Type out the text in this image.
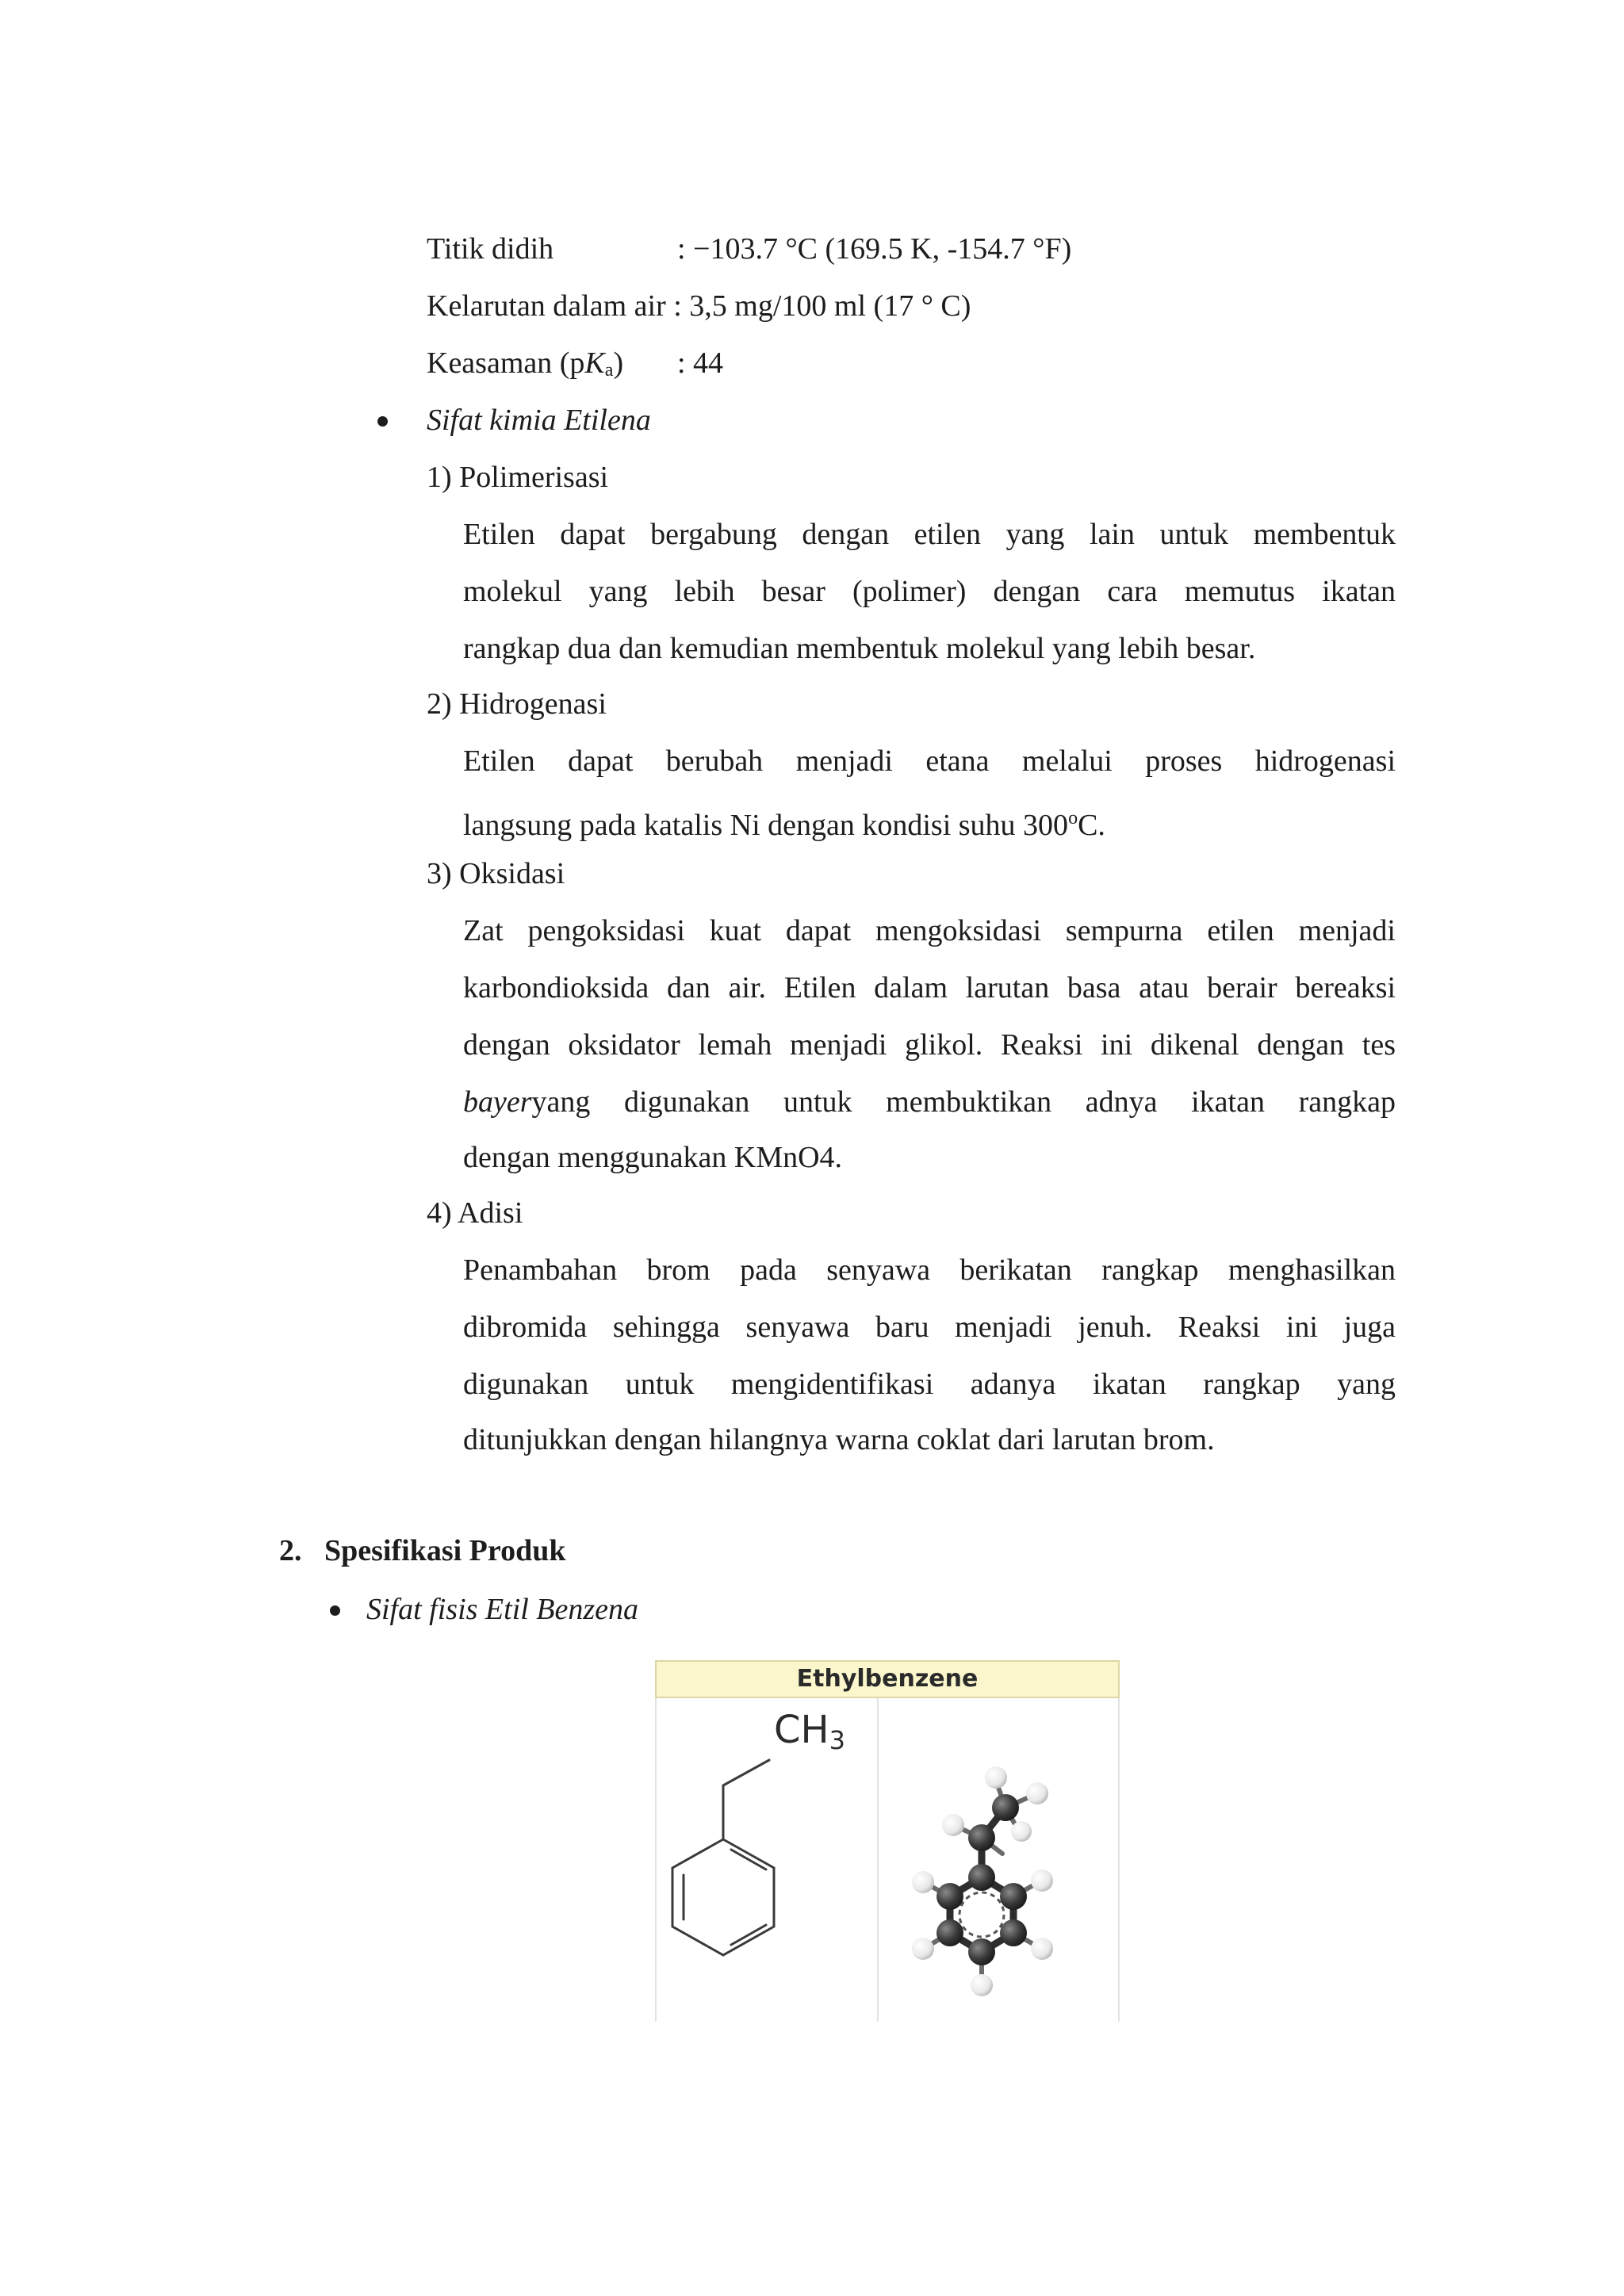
Titik didih	: −103.7 °C (169.5 K, -154.7 °F)
Kelarutan dalam air : 3,5 mg/100 ml (17 ° C)
Keasaman $(pK_a)$ : 44
Sifat kimia Etilena
1) Polimerisasi
Etilen dapat bergabung dengan etilen yang lain untuk membentuk
molekul yang lebih besar (polimer) dengan cara memutus ikatan
rangkap dua dan kemudian membentuk molekul yang lebih besar.
2) Hidrogenasi
Etilen dapat berubah menjadi etana melalui proses hidrogenasi
langsung pada katalis Ni dengan kondisi suhu 300$^o$C.
3) Oksidasi
Zat pengoksidasi kuat dapat mengoksidasi sempurna etilen menjadi
karbondioksida dan air. Etilen dalam larutan basa atau berair bereaksi
dengan oksidator lemah menjadi glikol. Reaksi ini dikenal dengan tes
bayer yang digunakan untuk membuktikan adnya ikatan rangkap
dengan menggunakan KMnO4.
4) Adisi
Penambahan brom pada senyawa berikatan rangkap menghasilkan
dibromida sehingga senyawa baru menjadi jenuh. Reaksi ini juga
digunakan untuk mengidentifikasi adanya ikatan rangkap yang
ditunjukkan dengan hilangnya warna coklat dari larutan brom.
2.   Spesifikasi Produk
Sifat fisis Etil Benzena
Ethylbenzene
$CH_3$
